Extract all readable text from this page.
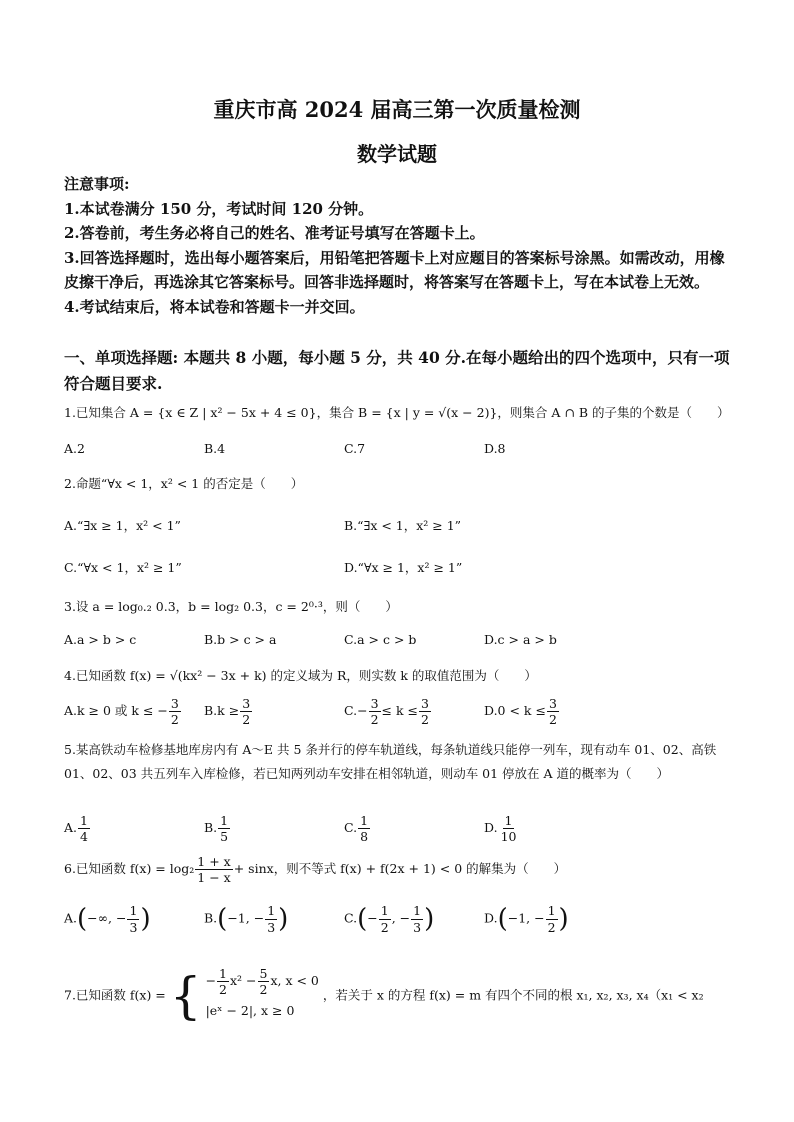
重庆市高 2024 届高三第一次质量检测
数学试题
注意事项:
1.本试卷满分 150 分，考试时间 120 分钟。
2.答卷前，考生务必将自己的姓名、准考证号填写在答题卡上。
3.回答选择题时，选出每小题答案后，用铅笔把答题卡上对应题目的答案标号涂黑。如需改动，用橡皮擦干净后，再选涂其它答案标号。回答非选择题时，将答案写在答题卡上，写在本试卷上无效。
4.考试结束后，将本试卷和答题卡一并交回。
一、单项选择题: 本题共 8 小题，每小题 5 分，共 40 分.在每小题给出的四个选项中，只有一项符合题目要求.
1.已知集合 A = {x ∈ Z | x² − 5x + 4 ≤ 0}，集合 B = {x | y = √(x − 2)}，则集合 A ∩ B 的子集的个数是（　　）
A.2	B.4	C.7	D.8
2.命题“∀x < 1，x² < 1 的否定是（　　）
A.“∃x ≥ 1，x² < 1”	B.“∃x < 1，x² ≥ 1”
C.“∀x < 1，x² ≥ 1”	D.“∀x ≥ 1，x² ≥ 1”
3.设 a = log₀.₂ 0.3，b = log₂ 0.3，c = 2⁰·³，则（　　）
A.a > b > c	B.b > c > a	C.a > c > b	D.c > a > b
4.已知函数 f(x) = √(kx² − 3x + k) 的定义域为 R，则实数 k 的取值范围为（　　）
A.k ≥ 0 或 k ≤ − $\frac{3}{2} B.k \ge \frac{3}{2}$	$C.- \frac{3}{2} \le k \le \frac{3}{2}$	$D.0 < k \le \frac{3}{2}$
5.某高铁动车检修基地库房内有 A～E 共 5 条并行的停车轨道线，每条轨道线只能停一列车，现有动车 01、02、高铁 01、02、03 共五列车入库检修，若已知两列动车安排在相邻轨道，则动车 01 停放在 A 道的概率为（　　）
A. $\frac{1}{4}$	B. $\frac{1}{5}$	C. $\frac{1}{8}$	D. $\frac{1}{10}$
6.已知函数 $f(x) = \log_2 \frac{1 + x}{1 - x} + \sin x$，则不等式 f(x) + f(2x + 1) < 0 的解集为（　　）
A.(−∞, − $\frac{1}{3}$ )	B.(−1, − $\frac{1}{3}$ )	$C.(- \frac{1}{2}$ , − $\frac{1}{3}$ )	D.(−1, − $\frac{1}{2}$ )
7.已知函数 f(x) = { − $\frac{1}{2} x^2 - \frac{5}{2} x$, x < 0
|eˣ − 2|, x ≥ 0
，若关于 x 的方程 f(x) = m 有四个不同的根 x₁, x₂, x₃, x₄（x₁ < x₂
